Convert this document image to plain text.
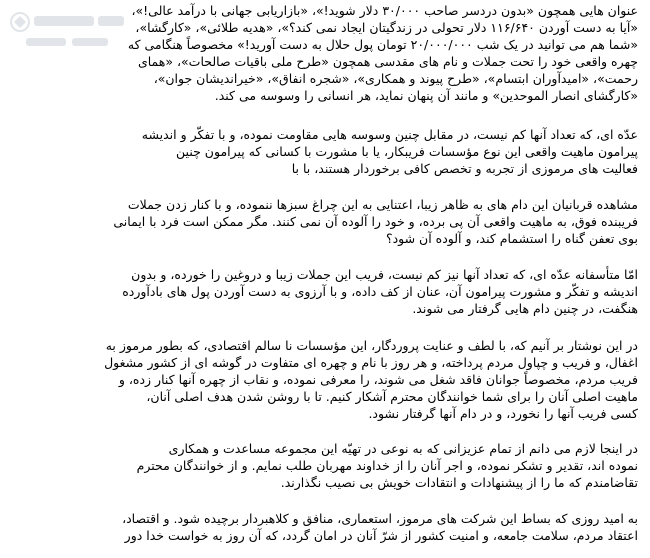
عنوان هایی همچون «بدون دردسر صاحب ۳۰/۰۰۰ دلار شوید!»، «بازاریابی جهانی با درآمد عالی!»،
«آیا به دست آوردن ۱۱۶/۶۴۰ دلار تحولی در زندگیتان ایجاد نمی کند؟»، «هدیه طلائی»، «کارگشا»،
«شما هم می توانید در یک شب ۲۰/۰۰۰/۰۰۰ تومان پول حلال به دست آورید!» مخصوصاً هنگامی که
چهره واقعی خود را تحت جملات و نام های مقدسی همچون «طرح ملی باقیات صالحات»، «همای
رحمت»، «امیدآوران ابتسام»، «طرح پیوند و همکاری»، «شجره انفاق»، «خیراندیشان جوان»،
«کارگشای انصار الموحدین» و مانند آن پنهان نماید، هر انسانی را وسوسه می کند.
عدّه ای، که تعداد آنها کم نیست، در مقابل چنین وسوسه هایی مقاومت نموده، و با تفکّر و اندیشه
پیرامون ماهیت واقعی این نوع مؤسسات فریبکار، یا با مشورت با کسانی که پیرامون چنین
فعالیت های مرموزی از تجربه و تخصص کافی برخوردار هستند، با با
مشاهده قربانیان این دام های به ظاهر زیبا، اعتنایی به این چراغ سبزها ننموده، و با کنار زدن جملات
فریبنده فوق، به ماهیت واقعی آن پی برده، و خود را آلوده آن نمی کنند. مگر ممکن است فرد با ایمانی
بوی تعفن گناه را استشمام کند، و آلوده آن شود؟
امّا متأسفانه عدّه ای، که تعداد آنها نیز کم نیست، فریب این جملات زیبا و دروغین را خورده، و بدون
اندیشه و تفکّر و مشورت پیرامون آن، عنان از کف داده، و با آرزوی به دست آوردن پول های بادآورده
هنگفت، در چنین دام هایی گرفتار می شوند.
در این نوشتار بر آنیم که، با لطف و عنایت پروردگار، این مؤسسات نا سالم اقتصادی، که بطور مرموز به
اغفال، و فریب و چپاول مردم پرداخته، و هر روز با نام و چهره ای متفاوت در گوشه ای از کشور مشغول
فریب مردم، مخصوصاً جوانان فاقد شغل می شوند، را معرفی نموده، و نقاب از چهره آنها کنار زده، و
ماهیت اصلی آنان را برای شما خوانندگان محترم آشکار کنیم. تا با روشن شدن هدف اصلی آنان،
کسی فریب آنها را نخورد، و در دام آنها گرفتار نشود.
در اینجا لازم می دانم از تمام عزیزانی که به نوعی در تهیّه این مجموعه مساعدت و همکاری
نموده اند، تقدیر و تشکر نموده، و اجر آنان را از خداوند مهربان طلب نمایم. و از خوانندگان محترم
تقاضامندم که ما را از پیشنهادات و انتقادات خویش بی نصیب نگذارند.
به امید روزی که بساط این شرکت های مرموز، استعماری، منافق و کلاهبردار برچیده شود. و اقتصاد،
اعتقاد مردم، سلامت جامعه، و امنیت کشور از شرّ آنان در امان گردد، که آن روز به خواست خدا دور
